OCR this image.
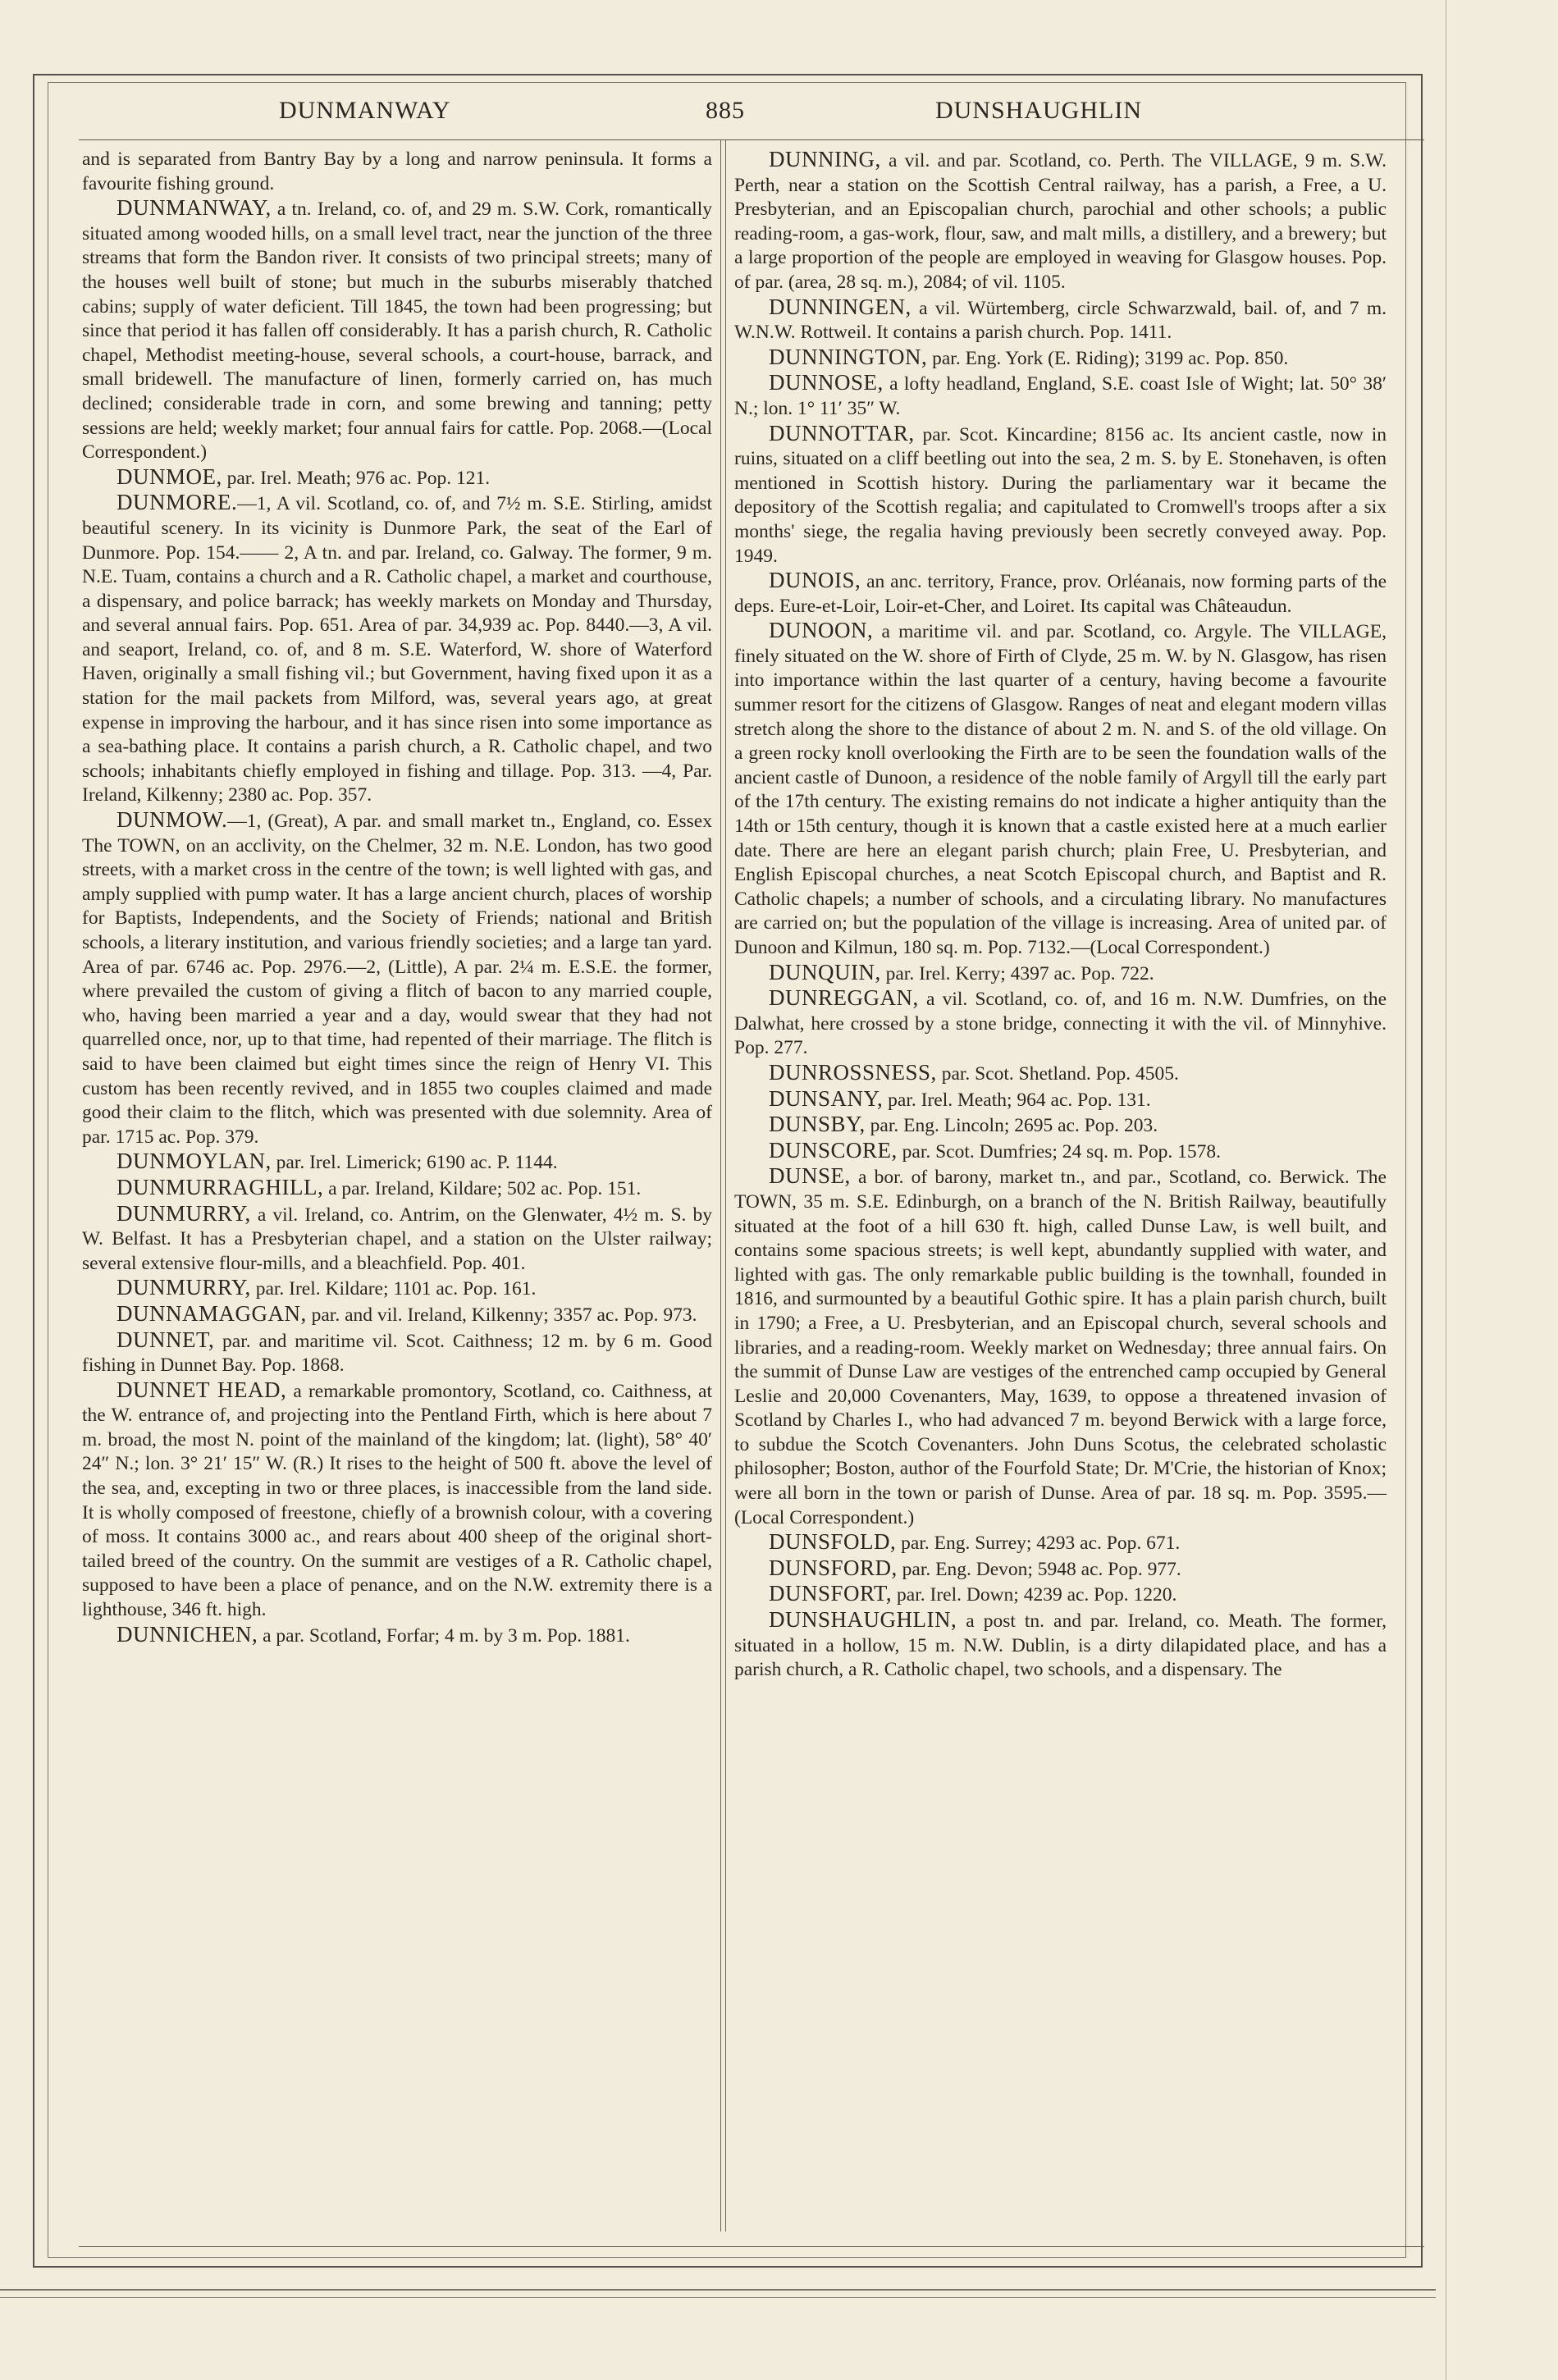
DUNMANWAY	885	DUNSHAUGHLIN

and is separated from Bantry Bay by a long and narrow peninsula. It forms a favourite fishing ground.

DUNMANWAY, a tn. Ireland, co. of, and 29 m. S.W. Cork, romantically situated among wooded hills, on a small level tract, near the junction of the three streams that form the Bandon river. It consists of two principal streets; many of the houses well built of stone; but much in the suburbs miserably thatched cabins; supply of water deficient. Till 1845, the town had been progressing; but since that period it has fallen off considerably. It has a parish church, R. Catholic chapel, Methodist meeting-house, several schools, a court-house, barrack, and small bridewell. The manufacture of linen, formerly carried on, has much declined; considerable trade in corn, and some brewing and tanning; petty sessions are held; weekly market; four annual fairs for cattle. Pop. 2068.—(Local Correspondent.)

DUNMOE, par. Irel. Meath; 976 ac. Pop. 121.

DUNMORE.—1, A vil. Scotland, co. of, and 7½ m. S.E. Stirling, amidst beautiful scenery. In its vicinity is Dunmore Park, the seat of the Earl of Dunmore. Pop. 154.—— 2, A tn. and par. Ireland, co. Galway. The former, 9 m. N.E. Tuam, contains a church and a R. Catholic chapel, a market and courthouse, a dispensary, and police barrack; has weekly markets on Monday and Thursday, and several annual fairs. Pop. 651. Area of par. 34,939 ac. Pop. 8440.—3, A vil. and seaport, Ireland, co. of, and 8 m. S.E. Waterford, W. shore of Waterford Haven, originally a small fishing vil.; but Government, having fixed upon it as a station for the mail packets from Milford, was, several years ago, at great expense in improving the harbour, and it has since risen into some importance as a sea-bathing place. It contains a parish church, a R. Catholic chapel, and two schools; inhabitants chiefly employed in fishing and tillage. Pop. 313. —4, Par. Ireland, Kilkenny; 2380 ac. Pop. 357.

DUNMOW.—1, (Great), A par. and small market tn., England, co. Essex The TOWN, on an acclivity, on the Chelmer, 32 m. N.E. London, has two good streets, with a market cross in the centre of the town; is well lighted with gas, and amply supplied with pump water. It has a large ancient church, places of worship for Baptists, Independents, and the Society of Friends; national and British schools, a literary institution, and various friendly societies; and a large tan yard. Area of par. 6746 ac. Pop. 2976.—2, (Little), A par. 2¼ m. E.S.E. the former, where prevailed the custom of giving a flitch of bacon to any married couple, who, having been married a year and a day, would swear that they had not quarrelled once, nor, up to that time, had repented of their marriage. The flitch is said to have been claimed but eight times since the reign of Henry VI. This custom has been recently revived, and in 1855 two couples claimed and made good their claim to the flitch, which was presented with due solemnity. Area of par. 1715 ac. Pop. 379.

DUNMOYLAN, par. Irel. Limerick; 6190 ac. P. 1144.

DUNMURRAGHILL, a par. Ireland, Kildare; 502 ac. Pop. 151.

DUNMURRY, a vil. Ireland, co. Antrim, on the Glenwater, 4½ m. S. by W. Belfast. It has a Presbyterian chapel, and a station on the Ulster railway; several extensive flour-mills, and a bleachfield. Pop. 401.

DUNMURRY, par. Irel. Kildare; 1101 ac. Pop. 161.

DUNNAMAGGAN, par. and vil. Ireland, Kilkenny; 3357 ac. Pop. 973.

DUNNET, par. and maritime vil. Scot. Caithness; 12 m. by 6 m. Good fishing in Dunnet Bay. Pop. 1868.

DUNNET HEAD, a remarkable promontory, Scotland, co. Caithness, at the W. entrance of, and projecting into the Pentland Firth, which is here about 7 m. broad, the most N. point of the mainland of the kingdom; lat. (light), 58° 40′ 24″ N.; lon. 3° 21′ 15″ W. (R.) It rises to the height of 500 ft. above the level of the sea, and, excepting in two or three places, is inaccessible from the land side. It is wholly composed of freestone, chiefly of a brownish colour, with a covering of moss. It contains 3000 ac., and rears about 400 sheep of the original short-tailed breed of the country. On the summit are vestiges of a R. Catholic chapel, supposed to have been a place of penance, and on the N.W. extremity there is a lighthouse, 346 ft. high.

DUNNICHEN, a par. Scotland, Forfar; 4 m. by 3 m. Pop. 1881.

DUNNING, a vil. and par. Scotland, co. Perth. The VILLAGE, 9 m. S.W. Perth, near a station on the Scottish Central railway, has a parish, a Free, a U. Presbyterian, and an Episcopalian church, parochial and other schools; a public reading-room, a gas-work, flour, saw, and malt mills, a distillery, and a brewery; but a large proportion of the people are employed in weaving for Glasgow houses. Pop. of par. (area, 28 sq. m.), 2084; of vil. 1105.

DUNNINGEN, a vil. Würtemberg, circle Schwarzwald, bail. of, and 7 m. W.N.W. Rottweil. It contains a parish church. Pop. 1411.

DUNNINGTON, par. Eng. York (E. Riding); 3199 ac. Pop. 850.

DUNNOSE, a lofty headland, England, S.E. coast Isle of Wight; lat. 50° 38′ N.; lon. 1° 11′ 35″ W.

DUNNOTTAR, par. Scot. Kincardine; 8156 ac. Its ancient castle, now in ruins, situated on a cliff beetling out into the sea, 2 m. S. by E. Stonehaven, is often mentioned in Scottish history. During the parliamentary war it became the depository of the Scottish regalia; and capitulated to Cromwell's troops after a six months' siege, the regalia having previously been secretly conveyed away. Pop. 1949.

DUNOIS, an anc. territory, France, prov. Orléanais, now forming parts of the deps. Eure-et-Loir, Loir-et-Cher, and Loiret. Its capital was Châteaudun.

DUNOON, a maritime vil. and par. Scotland, co. Argyle. The VILLAGE, finely situated on the W. shore of Firth of Clyde, 25 m. W. by N. Glasgow, has risen into importance within the last quarter of a century, having become a favourite summer resort for the citizens of Glasgow. Ranges of neat and elegant modern villas stretch along the shore to the distance of about 2 m. N. and S. of the old village. On a green rocky knoll overlooking the Firth are to be seen the foundation walls of the ancient castle of Dunoon, a residence of the noble family of Argyll till the early part of the 17th century. The existing remains do not indicate a higher antiquity than the 14th or 15th century, though it is known that a castle existed here at a much earlier date. There are here an elegant parish church; plain Free, U. Presbyterian, and English Episcopal churches, a neat Scotch Episcopal church, and Baptist and R. Catholic chapels; a number of schools, and a circulating library. No manufactures are carried on; but the population of the village is increasing. Area of united par. of Dunoon and Kilmun, 180 sq. m. Pop. 7132.—(Local Correspondent.)

DUNQUIN, par. Irel. Kerry; 4397 ac. Pop. 722.

DUNREGGAN, a vil. Scotland, co. of, and 16 m. N.W. Dumfries, on the Dalwhat, here crossed by a stone bridge, connecting it with the vil. of Minnyhive. Pop. 277.

DUNROSSNESS, par. Scot. Shetland. Pop. 4505.

DUNSANY, par. Irel. Meath; 964 ac. Pop. 131.

DUNSBY, par. Eng. Lincoln; 2695 ac. Pop. 203.

DUNSCORE, par. Scot. Dumfries; 24 sq. m. Pop. 1578.

DUNSE, a bor. of barony, market tn., and par., Scotland, co. Berwick. The TOWN, 35 m. S.E. Edinburgh, on a branch of the N. British Railway, beautifully situated at the foot of a hill 630 ft. high, called Dunse Law, is well built, and contains some spacious streets; is well kept, abundantly supplied with water, and lighted with gas. The only remarkable public building is the townhall, founded in 1816, and surmounted by a beautiful Gothic spire. It has a plain parish church, built in 1790; a Free, a U. Presbyterian, and an Episcopal church, several schools and libraries, and a reading-room. Weekly market on Wednesday; three annual fairs. On the summit of Dunse Law are vestiges of the entrenched camp occupied by General Leslie and 20,000 Covenanters, May, 1639, to oppose a threatened invasion of Scotland by Charles I., who had advanced 7 m. beyond Berwick with a large force, to subdue the Scotch Covenanters. John Duns Scotus, the celebrated scholastic philosopher; Boston, author of the Fourfold State; Dr. M'Crie, the historian of Knox; were all born in the town or parish of Dunse. Area of par. 18 sq. m. Pop. 3595.—(Local Correspondent.)

DUNSFOLD, par. Eng. Surrey; 4293 ac. Pop. 671.

DUNSFORD, par. Eng. Devon; 5948 ac. Pop. 977.

DUNSFORT, par. Irel. Down; 4239 ac. Pop. 1220.

DUNSHAUGHLIN, a post tn. and par. Ireland, co. Meath. The former, situated in a hollow, 15 m. N.W. Dublin, is a dirty dilapidated place, and has a parish church, a R. Catholic chapel, two schools, and a dispensary. The
